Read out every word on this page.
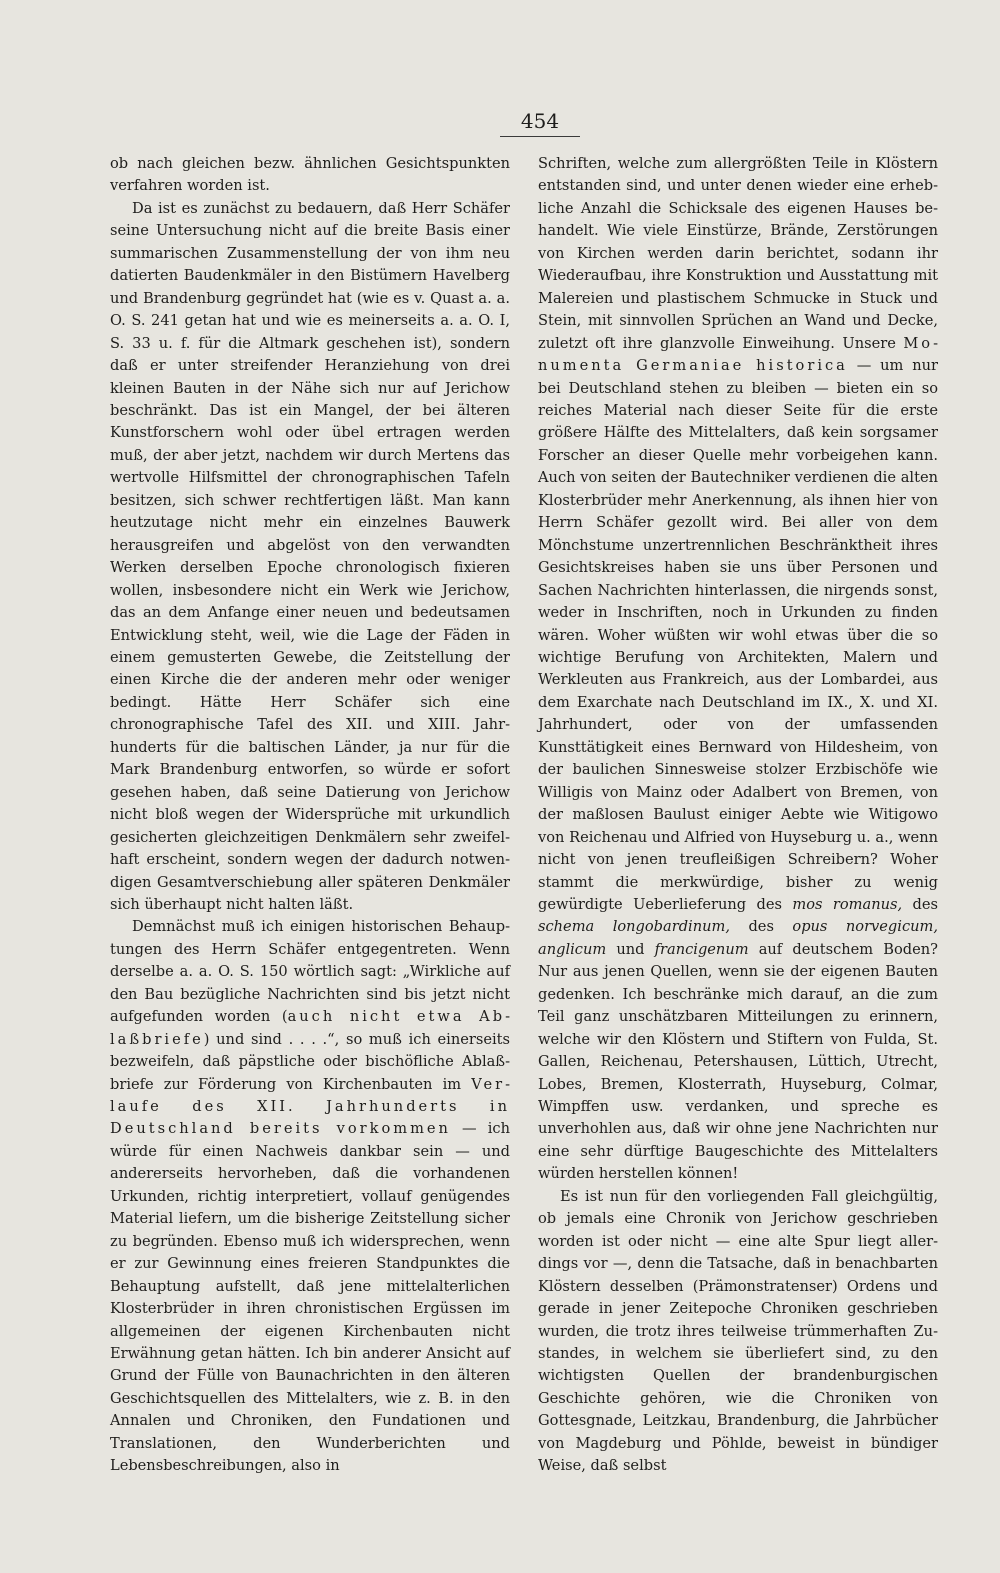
454

ob nach gleichen bezw. ähnlichen Gesichtspunkten verfahren worden ist.

Da ist es zunächst zu bedauern, daß Herr Schäfer seine Untersuchung nicht auf die breite Basis einer summarischen Zusammenstellung der von ihm neu datierten Baudenkmäler in den Bistümern Havelberg und Brandenburg gegründet hat (wie es v. Quast a. a. O. S. 241 getan hat und wie es meinerseits a. a. O. I, S. 33 u. f. für die Altmark geschehen ist), sondern daß er unter streifender Heranziehung von drei kleinen Bauten in der Nähe sich nur auf Jerichow beschränkt. Das ist ein Mangel, der bei älteren Kunstforschern wohl oder übel ertragen werden muß, der aber jetzt, nachdem wir durch Mertens das wertvolle Hilfsmittel der chronographischen Tafeln besitzen, sich schwer rechtfertigen läßt. Man kann heutzutage nicht mehr ein einzelnes Bauwerk herausgreifen und abgelöst von den verwandten Werken derselben Epoche chronologisch fixieren wollen, insbesondere nicht ein Werk wie Jerichow, das an dem Anfange einer neuen und bedeutsamen Entwicklung steht, weil, wie die Lage der Fäden in einem gemusterten Gewebe, die Zeitstellung der einen Kirche die der anderen mehr oder weniger bedingt. Hätte Herr Schäfer sich eine chronographische Tafel des XII. und XIII. Jahrhunderts für die baltischen Länder, ja nur für die Mark Brandenburg entworfen, so würde er sofort gesehen haben, daß seine Datierung von Jerichow nicht bloß wegen der Widersprüche mit urkundlich gesicherten gleichzeitigen Denkmälern sehr zweifelhaft erscheint, sondern wegen der dadurch notwendigen Gesamtverschiebung aller späteren Denkmäler sich überhaupt nicht halten läßt.

Demnächst muß ich einigen historischen Behauptungen des Herrn Schäfer entgegentreten. Wenn derselbe a. a. O. S. 150 wörtlich sagt: „Wirkliche auf den Bau bezügliche Nachrichten sind bis jetzt nicht aufgefunden worden (auch nicht etwa Ablaßbriefe) und sind . . . .“, so muß ich einerseits bezweifeln, daß päpstliche oder bischöfliche Ablaßbriefe zur Förderung von Kirchenbauten im Verlaufe des XII. Jahrhunderts in Deutschland bereits vorkommen — ich würde für einen Nachweis dankbar sein — und andererseits hervorheben, daß die vorhandenen Urkunden, richtig interpretiert, vollauf genügendes Material liefern, um die bisherige Zeitstellung sicher zu begründen. Ebenso muß ich widersprechen, wenn er zur Gewinnung eines freieren Standpunktes die Behauptung aufstellt, daß jene mittelalterlichen Klosterbrüder in ihren chronistischen Ergüssen im allgemeinen der eigenen Kirchenbauten nicht Erwähnung getan hätten. Ich bin anderer Ansicht auf Grund der Fülle von Baunachrichten in den älteren Geschichtsquellen des Mittelalters, wie z. B. in den Annalen und Chroniken, den Fundationen und Translationen, den Wunderberichten und Lebensbeschreibungen, also in

Schriften, welche zum allergrößten Teile in Klöstern entstanden sind, und unter denen wieder eine erhebliche Anzahl die Schicksale des eigenen Hauses behandelt. Wie viele Einstürze, Brände, Zerstörungen von Kirchen werden darin berichtet, sodann ihr Wiederaufbau, ihre Konstruktion und Ausstattung mit Malereien und plastischem Schmucke in Stuck und Stein, mit sinnvollen Sprüchen an Wand und Decke, zuletzt oft ihre glanzvolle Einweihung. Unsere Monumenta Germaniae historica — um nur bei Deutschland stehen zu bleiben — bieten ein so reiches Material nach dieser Seite für die erste größere Hälfte des Mittelalters, daß kein sorgsamer Forscher an dieser Quelle mehr vorbeigehen kann. Auch von seiten der Bautechniker verdienen die alten Klosterbrüder mehr Anerkennung, als ihnen hier von Herrn Schäfer gezollt wird. Bei aller von dem Mönchstume unzertrennlichen Beschränktheit ihres Gesichtskreises haben sie uns über Personen und Sachen Nachrichten hinterlassen, die nirgends sonst, weder in Inschriften, noch in Urkunden zu finden wären. Woher wüßten wir wohl etwas über die so wichtige Berufung von Architekten, Malern und Werkleuten aus Frankreich, aus der Lombardei, aus dem Exarchate nach Deutschland im IX., X. und XI. Jahrhundert, oder von der umfassenden Kunsttätigkeit eines Bernward von Hildesheim, von der baulichen Sinnesweise stolzer Erzbischöfe wie Willigis von Mainz oder Adalbert von Bremen, von der maßlosen Baulust einiger Aebte wie Witigowo von Reichenau und Alfried von Huyseburg u. a., wenn nicht von jenen treufleißigen Schreibern? Woher stammt die merkwürdige, bisher zu wenig gewürdigte Ueberlieferung des mos romanus, des schema longobardinum, des opus norvegicum, anglicum und francigenum auf deutschem Boden? Nur aus jenen Quellen, wenn sie der eigenen Bauten gedenken. Ich beschränke mich darauf, an die zum Teil ganz unschätzbaren Mitteilungen zu erinnern, welche wir den Klöstern und Stiftern von Fulda, St. Gallen, Reichenau, Petershausen, Lüttich, Utrecht, Lobes, Bremen, Klosterrath, Huyseburg, Colmar, Wimpffen usw. verdanken, und spreche es unverhohlen aus, daß wir ohne jene Nachrichten nur eine sehr dürftige Baugeschichte des Mittelalters würden herstellen können!

Es ist nun für den vorliegenden Fall gleichgültig, ob jemals eine Chronik von Jerichow geschrieben worden ist oder nicht — eine alte Spur liegt allerdings vor —, denn die Tatsache, daß in benachbarten Klöstern desselben (Prämonstratenser) Ordens und gerade in jener Zeitepoche Chroniken geschrieben wurden, die trotz ihres teilweise trümmerhaften Zustandes, in welchem sie überliefert sind, zu den wichtigsten Quellen der brandenburgischen Geschichte gehören, wie die Chroniken von Gottesgnade, Leitzkau, Brandenburg, die Jahrbücher von Magdeburg und Pöhlde, beweist in bündiger Weise, daß selbst
